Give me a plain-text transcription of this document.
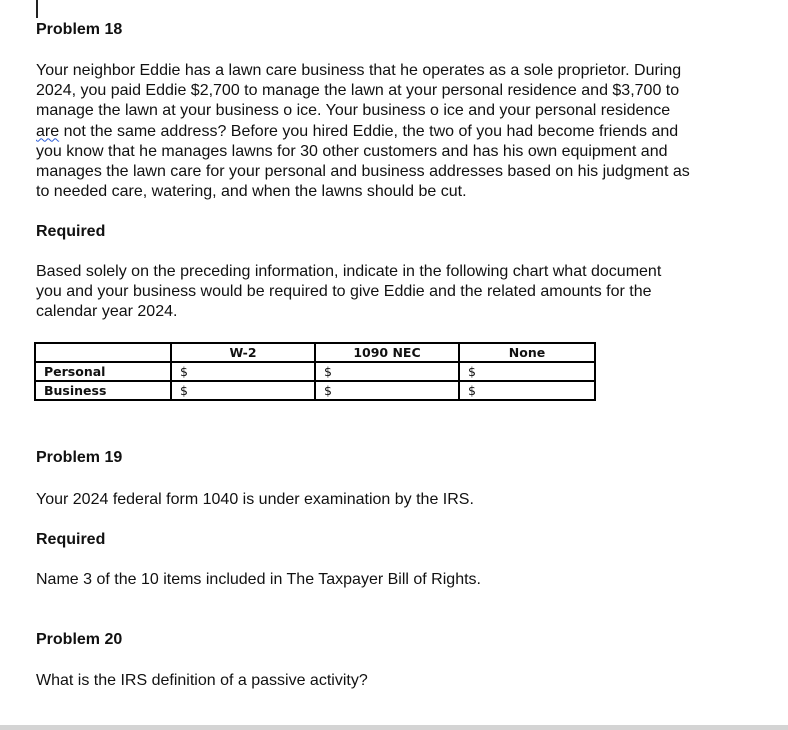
Problem 18
Your neighbor Eddie has a lawn care business that he operates as a sole proprietor. During
2024, you paid Eddie $2,700 to manage the lawn at your personal residence and $3,700 to
manage the lawn at your business o ice. Your business o ice and your personal residence
are not the same address? Before you hired Eddie, the two of you had become friends and
you know that he manages lawns for 30 other customers and has his own equipment and
manages the lawn care for your personal and business addresses based on his judgment as
to needed care, watering, and when the lawns should be cut.
Required
Based solely on the preceding information, indicate in the following chart what document
you and your business would be required to give Eddie and the related amounts for the
calendar year 2024.
	W-2	1090 NEC	None
Personal	$	$	$
Business	$	$	$
Problem 19
Your 2024 federal form 1040 is under examination by the IRS.
Required
Name 3 of the 10 items included in The Taxpayer Bill of Rights.
Problem 20
What is the IRS definition of a passive activity?
